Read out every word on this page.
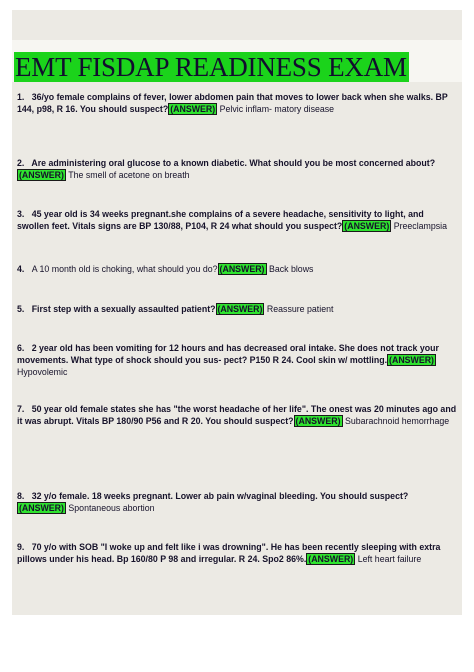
EMT FISDAP READINESS EXAM
1. 36/yo female complains of fever, lower abdomen pain that moves to lower back when she walks. BP 144, p98, R 16. You should suspect? (ANSWER) Pelvic inflam- matory disease
2. Are administering oral glucose to a known diabetic. What should you be most concerned about?
(ANSWER) The smell of acetone on breath
3. 45 year old is 34 weeks pregnant.she complains of a severe headache, sensitivity to light, and swollen feet. Vitals signs are BP 130/88, P104, R 24 what should you suspect? (ANSWER) Preeclampsia
4. A 10 month old is choking, what should you do? (ANSWER) Back blows
5. First step with a sexually assaulted patient? (ANSWER) Reassure patient
6. 2 year old has been vomiting for 12 hours and has decreased oral intake. She does not track your movements. What type of shock should you sus- pect? P150 R 24. Cool skin w/ mottling. (ANSWER)
Hypovolemic
7. 50 year old female states she has "the worst headache of her life". The onest was 20 minutes ago and it was abrupt. Vitals BP 180/90 P56 and R 20. You should suspect? (ANSWER) Subarachnoid hemorrhage
8. 32 y/o female. 18 weeks pregnant. Lower ab pain w/vaginal bleeding. You should suspect?
(ANSWER) Spontaneous abortion
9. 70 y/o with SOB "I woke up and felt like i was drowning". He has been recently sleeping with extra pillows under his head. Bp 160/80 P 98 and irregular. R 24. Spo2 86%. (ANSWER) Left heart failure
